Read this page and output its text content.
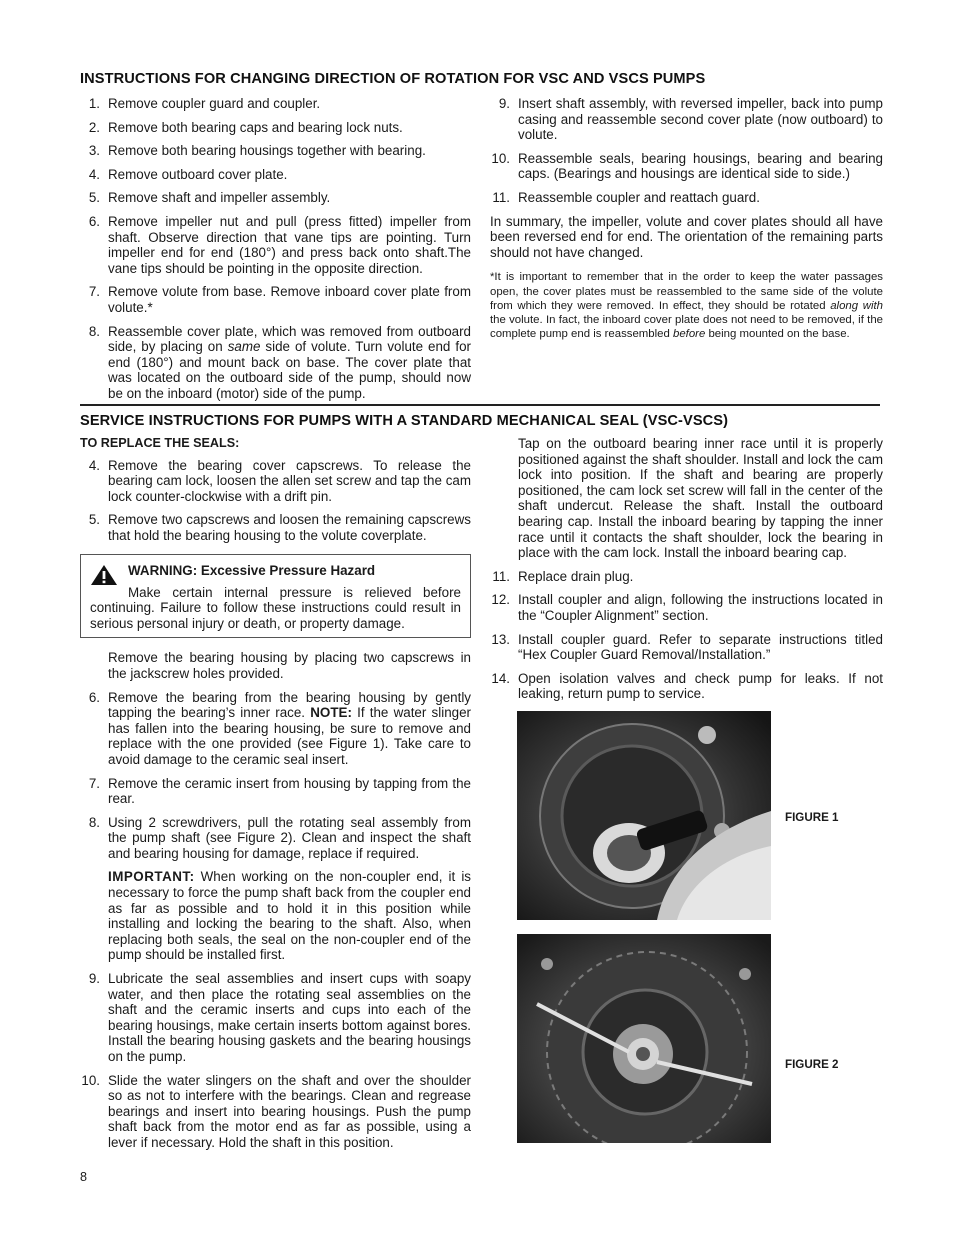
INSTRUCTIONS FOR CHANGING DIRECTION OF ROTATION FOR VSC AND VSCS PUMPS
1. Remove coupler guard and coupler.
2. Remove both bearing caps and bearing lock nuts.
3. Remove both bearing housings together with bearing.
4. Remove outboard cover plate.
5. Remove shaft and impeller assembly.
6. Remove impeller nut and pull (press fitted) impeller from shaft. Observe direction that vane tips are pointing. Turn impeller end for end (180°) and press back onto shaft.The vane tips should be pointing in the opposite direction.
7. Remove volute from base. Remove inboard cover plate from volute.*
8. Reassemble cover plate, which was removed from outboard side, by placing on same side of volute. Turn volute end for end (180°) and mount back on base. The cover plate that was located on the outboard side of the pump, should now be on the inboard (motor) side of the pump.
9. Insert shaft assembly, with reversed impeller, back into pump casing and reassemble second cover plate (now outboard) to volute.
10. Reassemble seals, bearing housings, bearing and bearing caps. (Bearings and housings are identical side to side.)
11. Reassemble coupler and reattach guard.

In summary, the impeller, volute and cover plates should all have been reversed end for end. The orientation of the remaining parts should not have changed.

*It is important to remember that in the order to keep the water passages open, the cover plates must be reassembled to the same side of the volute from which they were removed. In effect, they should be rotated along with the volute. In fact, the inboard cover plate does not need to be removed, if the complete pump end is reassembled before being mounted on the base.

SERVICE INSTRUCTIONS FOR PUMPS WITH A STANDARD MECHANICAL SEAL (VSC-VSCS)
TO REPLACE THE SEALS:
4. Remove the bearing cover capscrews. To release the bearing cam lock, loosen the allen set screw and tap the cam lock counter-clockwise with a drift pin.
5. Remove two capscrews and loosen the remaining capscrews that hold the bearing housing to the volute coverplate.
WARNING: Excessive Pressure Hazard

Make certain internal pressure is relieved before continuing. Failure to follow these instructions could result in serious personal injury or death, or property damage.

Remove the bearing housing by placing two capscrews in the jackscrew holes provided.

6. Remove the bearing from the bearing housing by gently tapping the bearing’s inner race. NOTE: If the water slinger has fallen into the bearing housing, be sure to remove and replace with the one provided (see Figure 1). Take care to avoid damage to the ceramic seal insert.
7. Remove the ceramic insert from housing by tapping from the rear.
8. Using 2 screwdrivers, pull the rotating seal assembly from the pump shaft (see Figure 2). Clean and inspect the shaft and bearing housing for damage, replace if required.

IMPORTANT: When working on the non-coupler end, it is necessary to force the pump shaft back from the coupler end as far as possible and to hold it in this position while installing and locking the bearing to the shaft. Also, when replacing both seals, the seal on the non-coupler end of the pump should be installed first.

9. Lubricate the seal assemblies and insert cups with soapy water, and then place the rotating seal assemblies on the shaft and the ceramic inserts and cups into each of the bearing housings, make certain inserts bottom against bores. Install the bearing housing gaskets and the bearing housings on the pump.
10. Slide the water slingers on the shaft and over the shoulder so as not to interfere with the bearings. Clean and regrease bearings and insert into bearing housings. Push the pump shaft back from the motor end as far as possible, using a lever if necessary. Hold the shaft in this position.

Tap on the outboard bearing inner race until it is properly positioned against the shaft shoulder. Install and lock the cam lock into position. If the shaft and bearing are properly positioned, the cam lock set screw will fall in the center of the shaft undercut. Release the shaft. Install the outboard bearing cap. Install the inboard bearing by tapping the inner race until it contacts the shaft shoulder, lock the bearing in place with the cam lock. Install the inboard bearing cap.

11. Replace drain plug.
12. Install coupler and align, following the instructions located in the “Coupler Alignment” section.
13. Install coupler guard. Refer to separate instructions titled “Hex Coupler Guard Removal/Installation.”
14. Open isolation valves and check pump for leaks. If not leaking, return pump to service.
FIGURE 1
FIGURE 2
8
